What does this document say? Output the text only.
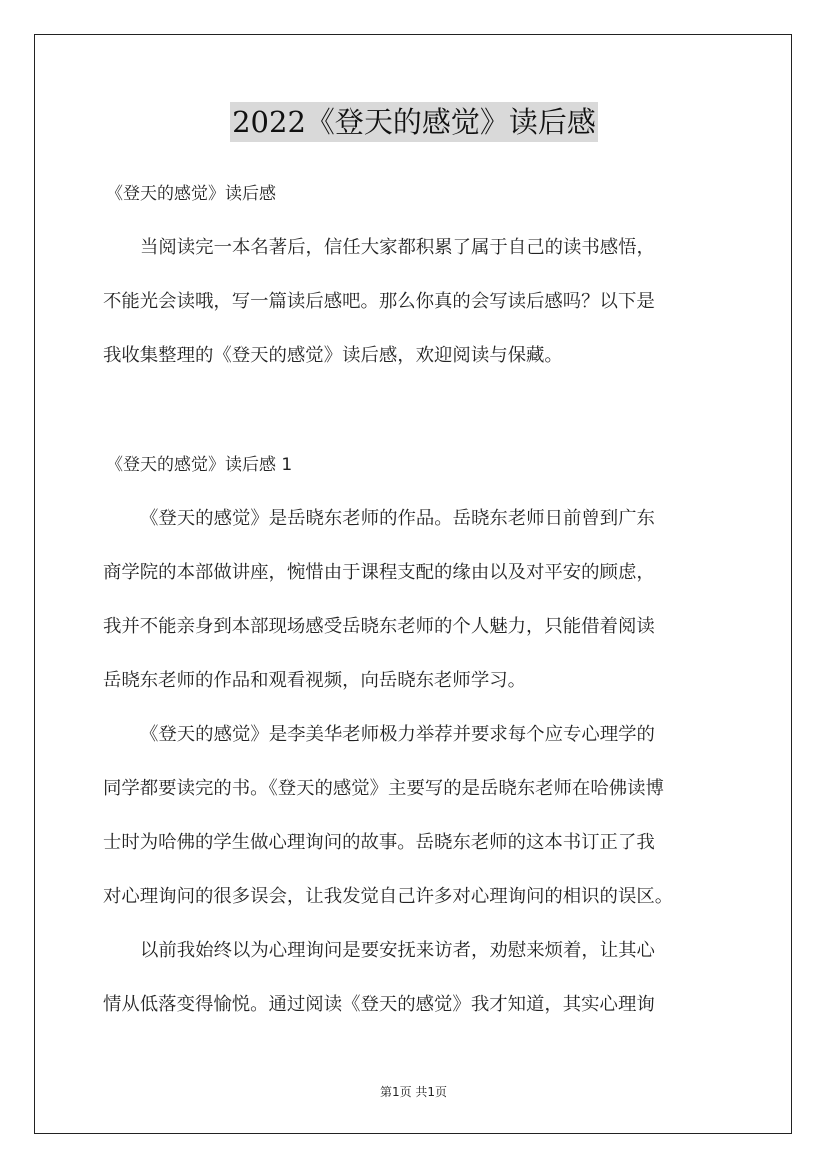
2022《登天的感觉》读后感
《登天的感觉》读后感
当阅读完一本名著后，信任大家都积累了属于自己的读书感悟，
不能光会读哦，写一篇读后感吧。那么你真的会写读后感吗？以下是
我收集整理的《登天的感觉》读后感，欢迎阅读与保藏。
《登天的感觉》读后感 1
《登天的感觉》是岳晓东老师的作品。岳晓东老师日前曾到广东
商学院的本部做讲座，惋惜由于课程支配的缘由以及对平安的顾虑，
我并不能亲身到本部现场感受岳晓东老师的个人魅力，只能借着阅读
岳晓东老师的作品和观看视频，向岳晓东老师学习。
《登天的感觉》是李美华老师极力举荐并要求每个应专心理学的
同学都要读完的书。《登天的感觉》主要写的是岳晓东老师在哈佛读博
士时为哈佛的学生做心理询问的故事。岳晓东老师的这本书订正了我
对心理询问的很多误会，让我发觉自己许多对心理询问的相识的误区。
以前我始终以为心理询问是要安抚来访者，劝慰来烦着，让其心
情从低落变得愉悦。通过阅读《登天的感觉》我才知道，其实心理询
第1页 共1页
